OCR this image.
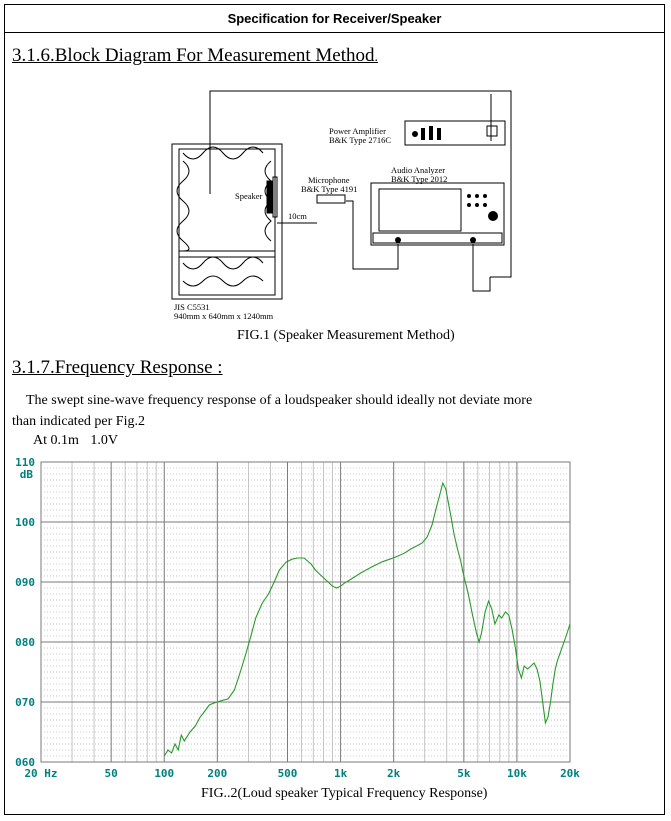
Specification for Receiver/Speaker
3.1.6.Block Diagram For Measurement Method.
Power Amplifier
B&K Type 2716C
Audio Analyzer
B&K Type 2012
Microphone
B&K Type 4191
Speaker
10cm
JIS C5531
940mm x 640mm x 1240mm
FIG.1 (Speaker Measurement Method)
3.1.7.Frequency Response :
The swept sine-wave frequency response of a loudspeaker should ideally not deviate more than indicated per Fig.2
At 0.1m 1.0V
110
100
090
080
070
060
dB
20 Hz	50	100	200	500	1k	2k	5k	10k	20k
FIG..2(Loud speaker Typical Frequency Response)
